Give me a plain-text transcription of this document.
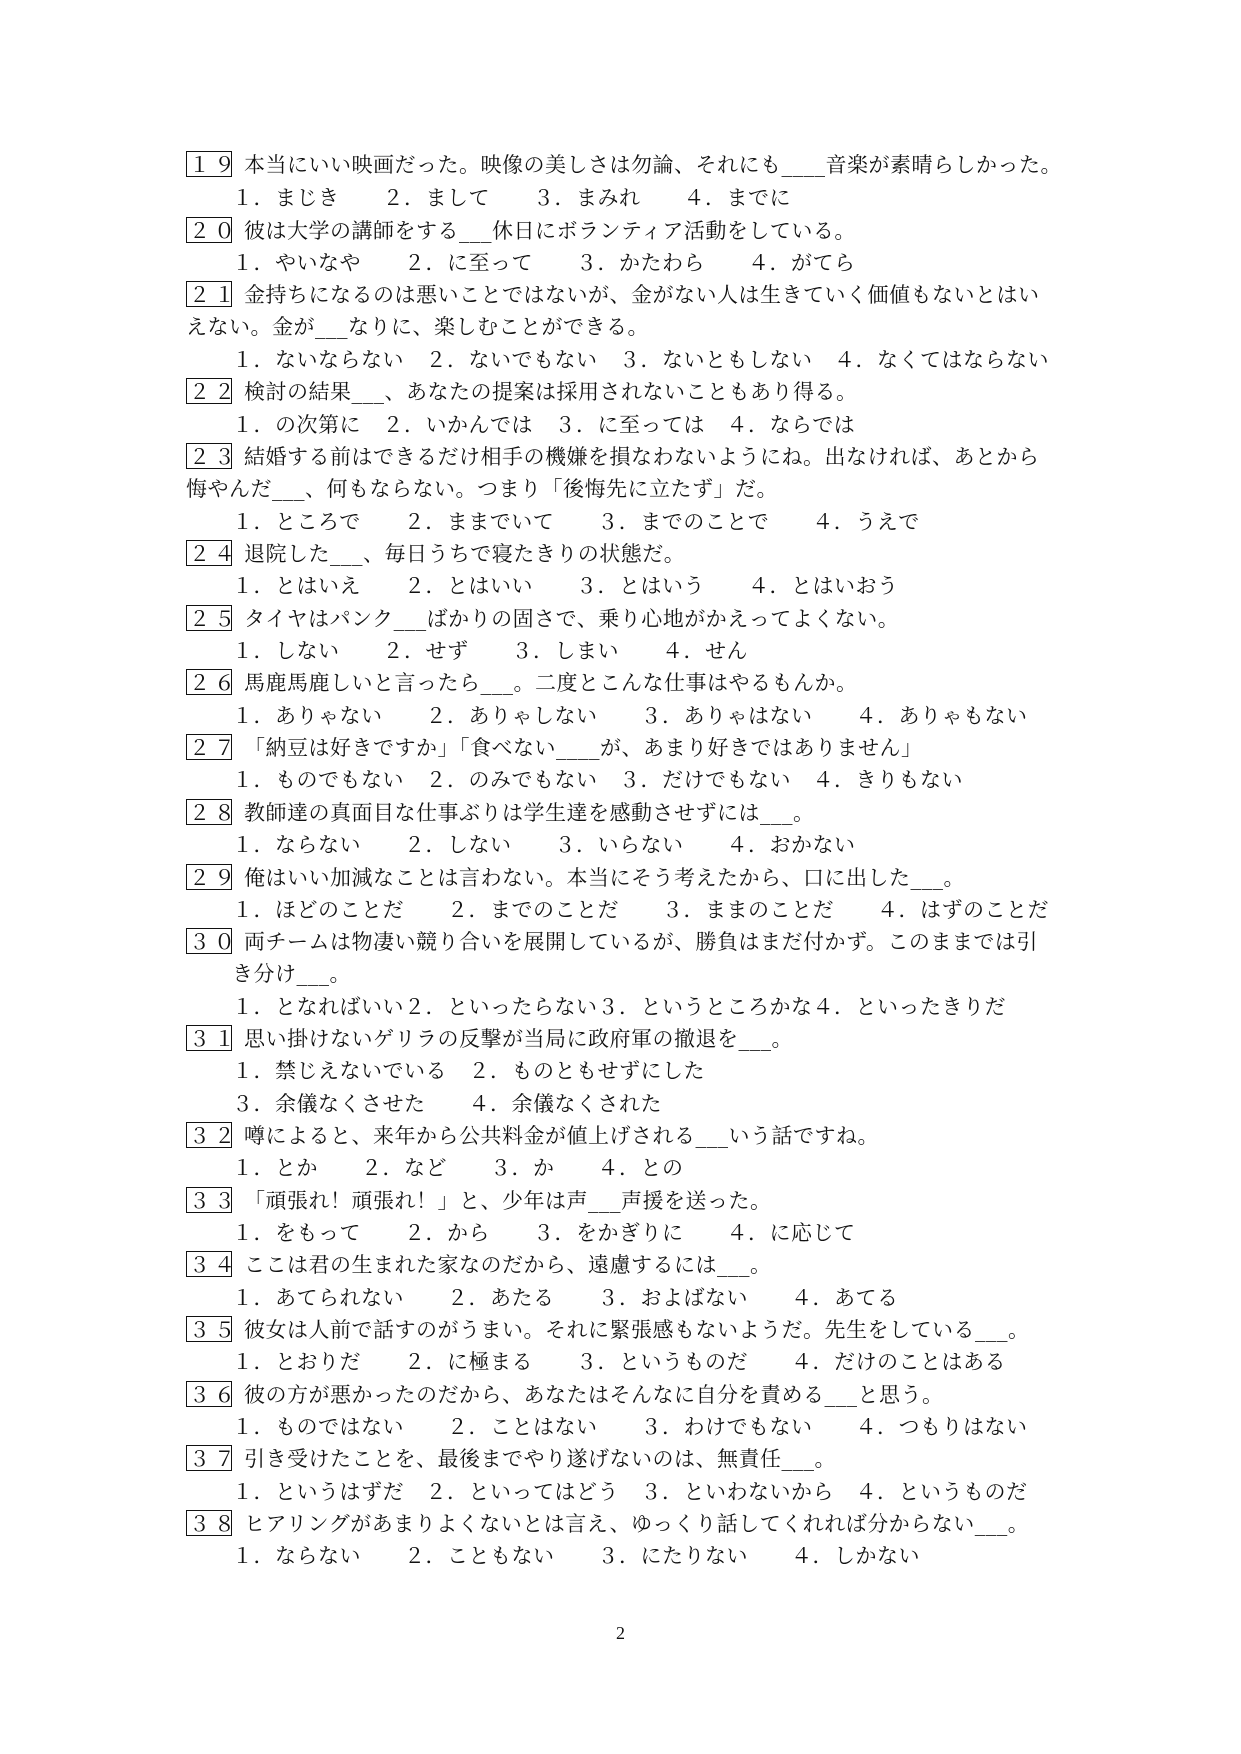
１９ 本当にいい映画だった。映像の美しさは勿論、それにも____音楽が素晴らしかった。
１．まじき　　２．まして　　３．まみれ　　４．までに
２０ 彼は大学の講師をする___休日にボランティア活動をしている。
１．やいなや　　２．に至って　　３．かたわら　　４．がてら
２１ 金持ちになるのは悪いことではないが、金がない人は生きていく価値もないとはい
えない。金が___なりに、楽しむことができる。
１．ないならない　２．ないでもない　３．ないともしない　４．なくてはならない
２２ 検討の結果___、あなたの提案は採用されないこともあり得る。
１．の次第に　２．いかんでは　３．に至っては　４．ならでは
２３ 結婚する前はできるだけ相手の機嫌を損なわないようにね。出なければ、あとから
悔やんだ___、何もならない。つまり「後悔先に立たず」だ。
１．ところで　　２．ままでいて　　３．までのことで　　４．うえで
２４ 退院した___、毎日うちで寝たきりの状態だ。
１．とはいえ　　２．とはいい　　３．とはいう　　４．とはいおう
２５ タイヤはパンク___ばかりの固さで、乗り心地がかえってよくない。
１．しない　　２．せず　　３．しまい　　４．せん
２６ 馬鹿馬鹿しいと言ったら___。二度とこんな仕事はやるもんか。
１．ありゃない　　２．ありゃしない　　３．ありゃはない　　４．ありゃもない
２７ 「納豆は好きですか」「食べない____が、あまり好きではありません」
１．ものでもない　２．のみでもない　３．だけでもない　４．きりもない
２８ 教師達の真面目な仕事ぶりは学生達を感動させずには___。
１．ならない　　２．しない　　３．いらない　　４．おかない
２９ 俺はいい加減なことは言わない。本当にそう考えたから、口に出した___。
１．ほどのことだ　　２．までのことだ　　３．ままのことだ　　４．はずのことだ
３０ 両チームは物凄い競り合いを展開しているが、勝負はまだ付かず。このままでは引
き分け___。
１．となればいい２．といったらない３．というところかな４．といったきりだ
３１ 思い掛けないゲリラの反撃が当局に政府軍の撤退を___。
１．禁じえないでいる　２．ものともせずにした
３．余儀なくさせた　　４．余儀なくされた
３２ 噂によると、来年から公共料金が値上げされる___いう話ですね。
１．とか　　２．など　　３．か　　４．との
３３ 「頑張れ！頑張れ！」と、少年は声___声援を送った。
１．をもって　　２．から　　３．をかぎりに　　４．に応じて
３４ ここは君の生まれた家なのだから、遠慮するには___。
１．あてられない　　２．あたる　　３．およばない　　４．あてる
３５ 彼女は人前で話すのがうまい。それに緊張感もないようだ。先生をしている___。
１．とおりだ　　２．に極まる　　３．というものだ　　４．だけのことはある
３６ 彼の方が悪かったのだから、あなたはそんなに自分を責める___と思う。
１．ものではない　　２．ことはない　　３．わけでもない　　４．つもりはない
３７ 引き受けたことを、最後までやり遂げないのは、無責任___。
１．というはずだ　２．といってはどう　３．といわないから　４．というものだ
３８ ヒアリングがあまりよくないとは言え、ゆっくり話してくれれば分からない___。
１．ならない　　２．こともない　　３．にたりない　　４．しかない
2
